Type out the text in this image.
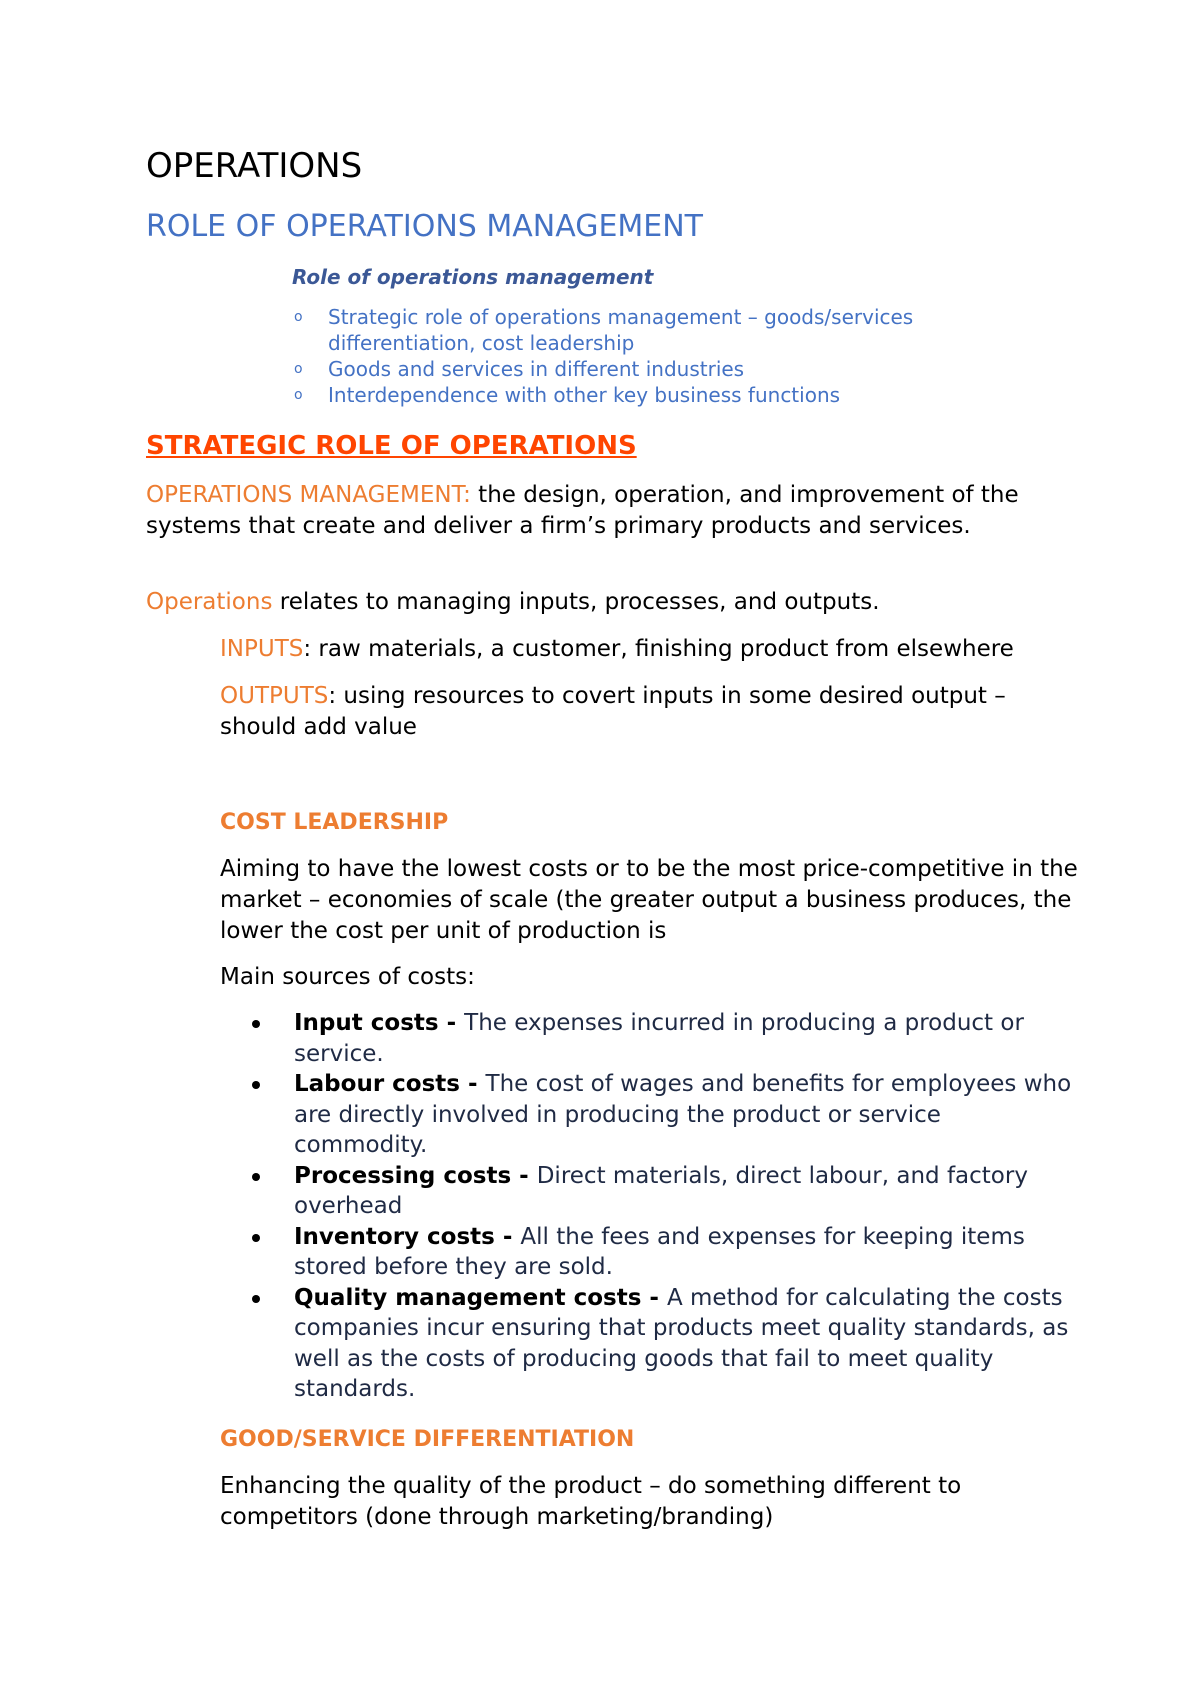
OPERATIONS
ROLE OF OPERATIONS MANAGEMENT

Role of operations management

o Strategic role of operations management – goods/services differentiation, cost leadership
o Goods and services in different industries
o Interdependence with other key business functions
STRATEGIC ROLE OF OPERATIONS

OPERATIONS MANAGEMENT: the design, operation, and improvement of the systems that create and deliver a firm’s primary products and services.

Operations relates to managing inputs, processes, and outputs.

INPUTS: raw materials, a customer, finishing product from elsewhere

OUTPUTS: using resources to covert inputs in some desired output – should add value

COST LEADERSHIP

Aiming to have the lowest costs or to be the most price-competitive in the market – economies of scale (the greater output a business produces, the lower the cost per unit of production is

Main sources of costs:

Input costs - The expenses incurred in producing a product or service.
Labour costs - The cost of wages and benefits for employees who are directly involved in producing the product or service commodity.
Processing costs - Direct materials, direct labour, and factory overhead
Inventory costs - All the fees and expenses for keeping items stored before they are sold.
Quality management costs - A method for calculating the costs companies incur ensuring that products meet quality standards, as well as the costs of producing goods that fail to meet quality standards.
GOOD/SERVICE DIFFERENTIATION

Enhancing the quality of the product – do something different to competitors (done through marketing/branding)
